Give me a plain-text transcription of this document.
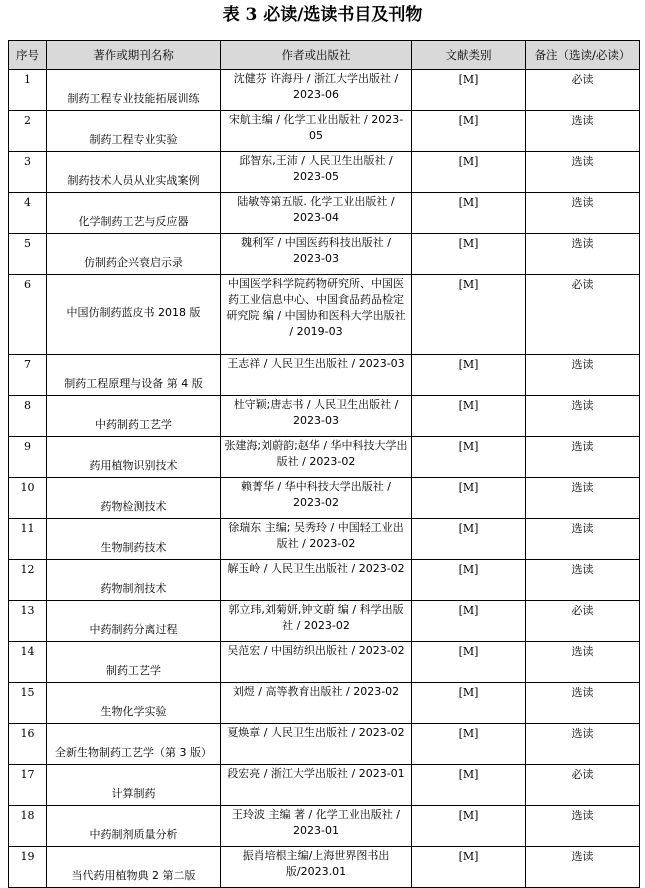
表 3 必读/选读书目及刊物
序号	著作或期刊名称	作者或出版社	文献类别	备注（选读/必读）
1	制药工程专业技能拓展训练	沈健芬 许海丹 / 浙江大学出版社 / 2023-06	[M]	必读
2	制药工程专业实验	宋航主编 / 化学工业出版社 / 2023-05	[M]	选读
3	制药技术人员从业实战案例	邱智东,王沛 / 人民卫生出版社 / 2023-05	[M]	选读
4	化学制药工艺与反应器	陆敏等第五版. 化学工业出版社 / 2023-04	[M]	选读
5	仿制药企兴衰启示录	魏利军 / 中国医药科技出版社 / 2023-03	[M]	选读
6	中国仿制药蓝皮书 2018 版	中国医学科学院药物研究所、中国医药工业信息中心、中国食品药品检定研究院 编 / 中国协和医科大学出版社 / 2019-03	[M]	必读
7	制药工程原理与设备 第 4 版	王志祥 / 人民卫生出版社 / 2023-03	[M]	选读
8	中药制药工艺学	杜守颖;唐志书 / 人民卫生出版社 / 2023-03	[M]	选读
9	药用植物识别技术	张建海;刘蔚韵;赵华 / 华中科技大学出版社 / 2023-02	[M]	选读
10	药物检测技术	赖菁华 / 华中科技大学出版社 / 2023-02	[M]	选读
11	生物制药技术	徐瑞东 主编; 吴秀玲 / 中国轻工业出版社 / 2023-02	[M]	选读
12	药物制剂技术	解玉岭 / 人民卫生出版社 / 2023-02	[M]	选读
13	中药制药分离过程	郭立玮,刘菊妍,钟文蔚 编 / 科学出版社 / 2023-02	[M]	必读
14	制药工艺学	吴范宏 / 中国纺织出版社 / 2023-02	[M]	选读
15	生物化学实验	刘煜 / 高等教育出版社 / 2023-02	[M]	选读
16	全新生物制药工艺学（第 3 版）	夏焕章 / 人民卫生出版社 / 2023-02	[M]	选读
17	计算制药	段宏亮 / 浙江大学出版社 / 2023-01	[M]	必读
18	中药制剂质量分析	王玲波 主编 著 / 化学工业出版社 / 2023-01	[M]	选读
19	当代药用植物典 2 第二版	振肖培根主编/上海世界图书出版/2023.01	[M]	选读
